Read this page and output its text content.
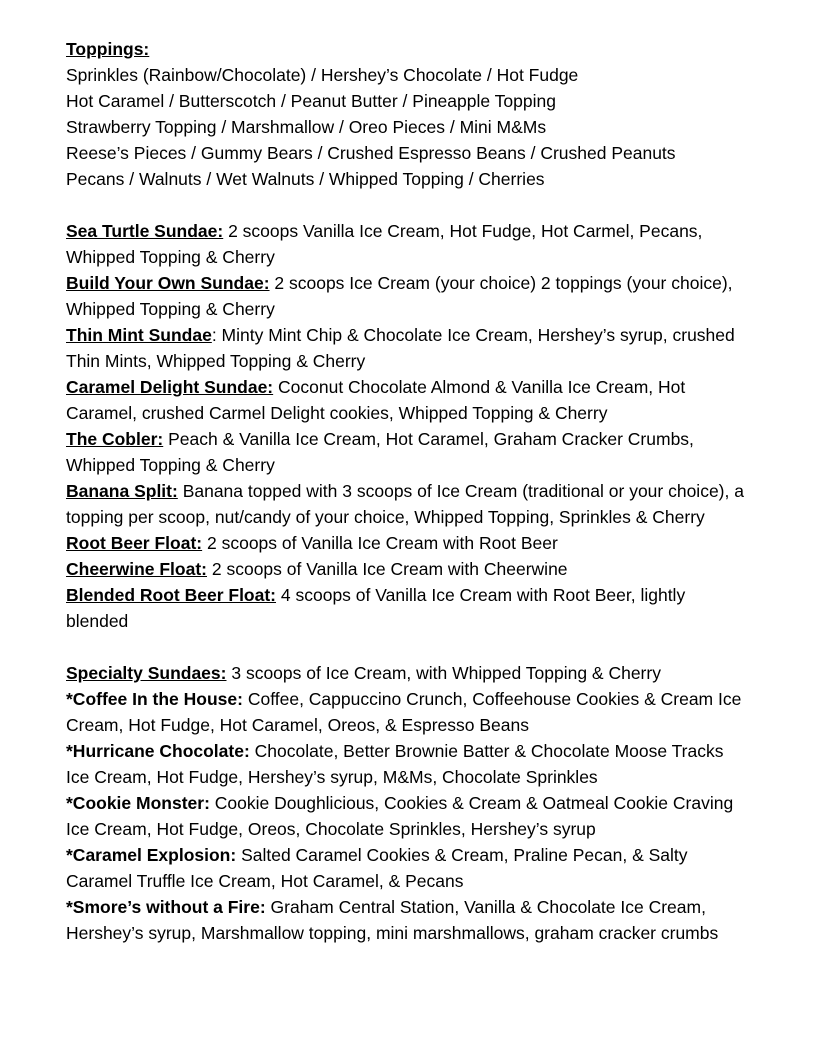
Toppings:

Sprinkles (Rainbow/Chocolate) / Hershey’s Chocolate / Hot Fudge

Hot Caramel / Butterscotch / Peanut Butter / Pineapple Topping

Strawberry Topping / Marshmallow / Oreo Pieces / Mini M&Ms

Reese’s Pieces / Gummy Bears / Crushed Espresso Beans / Crushed Peanuts

Pecans / Walnuts / Wet Walnuts / Whipped Topping / Cherries

Sea Turtle Sundae: 2 scoops Vanilla Ice Cream, Hot Fudge, Hot Carmel, Pecans, Whipped Topping & Cherry

Build Your Own Sundae: 2 scoops Ice Cream (your choice) 2 toppings (your choice), Whipped Topping & Cherry

Thin Mint Sundae: Minty Mint Chip & Chocolate Ice Cream, Hershey’s syrup, crushed Thin Mints, Whipped Topping & Cherry

Caramel Delight Sundae: Coconut Chocolate Almond & Vanilla Ice Cream, Hot Caramel, crushed Carmel Delight cookies, Whipped Topping & Cherry

The Cobler: Peach & Vanilla Ice Cream, Hot Caramel, Graham Cracker Crumbs, Whipped Topping & Cherry

Banana Split: Banana topped with 3 scoops of Ice Cream (traditional or your choice), a topping per scoop, nut/candy of your choice, Whipped Topping, Sprinkles & Cherry

Root Beer Float: 2 scoops of Vanilla Ice Cream with Root Beer

Cheerwine Float: 2 scoops of Vanilla Ice Cream with Cheerwine

Blended Root Beer Float: 4 scoops of Vanilla Ice Cream with Root Beer, lightly blended

Specialty Sundaes: 3 scoops of Ice Cream, with Whipped Topping & Cherry

*Coffee In the House: Coffee, Cappuccino Crunch, Coffeehouse Cookies & Cream Ice Cream, Hot Fudge, Hot Caramel, Oreos, & Espresso Beans

*Hurricane Chocolate: Chocolate, Better Brownie Batter & Chocolate Moose Tracks Ice Cream, Hot Fudge, Hershey’s syrup, M&Ms, Chocolate Sprinkles

*Cookie Monster: Cookie Doughlicious, Cookies & Cream & Oatmeal Cookie Craving Ice Cream, Hot Fudge, Oreos, Chocolate Sprinkles, Hershey’s syrup

*Caramel Explosion: Salted Caramel Cookies & Cream, Praline Pecan, & Salty Caramel Truffle Ice Cream, Hot Caramel, & Pecans

*Smore’s without a Fire: Graham Central Station, Vanilla & Chocolate Ice Cream, Hershey’s syrup, Marshmallow topping, mini marshmallows, graham cracker crumbs
